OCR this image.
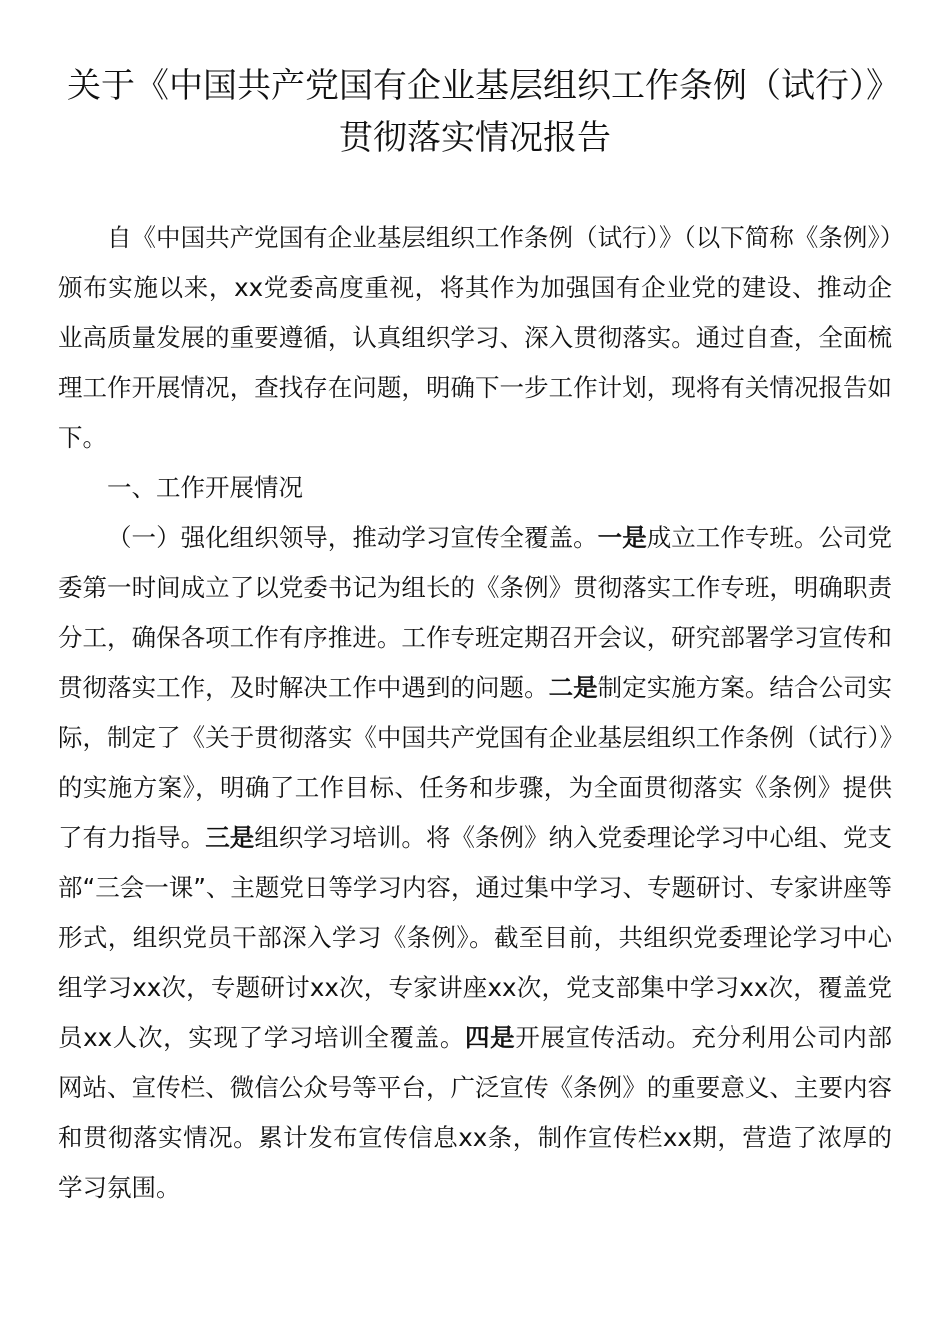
关于《中国共产党国有企业基层组织工作条例（试行）》贯彻落实情况报告

自《中国共产党国有企业基层组织工作条例（试行）》（以下简称《条例》）颁布实施以来，xx党委高度重视，将其作为加强国有企业党的建设、推动企业高质量发展的重要遵循，认真组织学习、深入贯彻落实。通过自查，全面梳理工作开展情况，查找存在问题，明确下一步工作计划，现将有关情况报告如下。

一、工作开展情况

（一）强化组织领导，推动学习宣传全覆盖。一是成立工作专班。公司党委第一时间成立了以党委书记为组长的《条例》贯彻落实工作专班，明确职责分工，确保各项工作有序推进。工作专班定期召开会议，研究部署学习宣传和贯彻落实工作，及时解决工作中遇到的问题。二是制定实施方案。结合公司实际，制定了《关于贯彻落实《中国共产党国有企业基层组织工作条例（试行）》的实施方案》，明确了工作目标、任务和步骤，为全面贯彻落实《条例》提供了有力指导。三是组织学习培训。将《条例》纳入党委理论学习中心组、党支部“三会一课”、主题党日等学习内容，通过集中学习、专题研讨、专家讲座等形式，组织党员干部深入学习《条例》。截至目前，共组织党委理论学习中心组学习xx次，专题研讨xx次，专家讲座xx次，党支部集中学习xx次，覆盖党员xx人次，实现了学习培训全覆盖。四是开展宣传活动。充分利用公司内部网站、宣传栏、微信公众号等平台，广泛宣传《条例》的重要意义、主要内容和贯彻落实情况。累计发布宣传信息xx条，制作宣传栏xx期，营造了浓厚的学习氛围。
